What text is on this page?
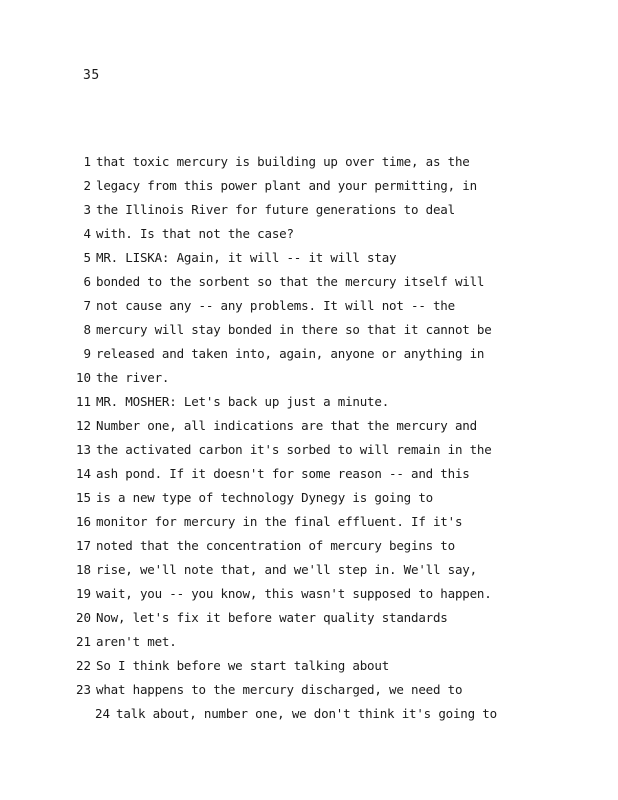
35
1 that toxic mercury is building up over time, as the
2 legacy from this power plant and your permitting, in
3 the Illinois River for future generations to deal
4 with. Is that not the case?
5 MR. LISKA: Again, it will -- it will stay
6 bonded to the sorbent so that the mercury itself will
7 not cause any -- any problems. It will not -- the
8 mercury will stay bonded in there so that it cannot be
9 released and taken into, again, anyone or anything in
10 the river.
11 MR. MOSHER: Let's back up just a minute.
12 Number one, all indications are that the mercury and
13 the activated carbon it's sorbed to will remain in the
14 ash pond. If it doesn't for some reason -- and this
15 is a new type of technology Dynegy is going to
16 monitor for mercury in the final effluent. If it's
17 noted that the concentration of mercury begins to
18 rise, we'll note that, and we'll step in. We'll say,
19 wait, you -- you know, this wasn't supposed to happen.
20 Now, let's fix it before water quality standards
21 aren't met.
22 So I think before we start talking about
23 what happens to the mercury discharged, we need to
24 talk about, number one, we don't think it's going to
